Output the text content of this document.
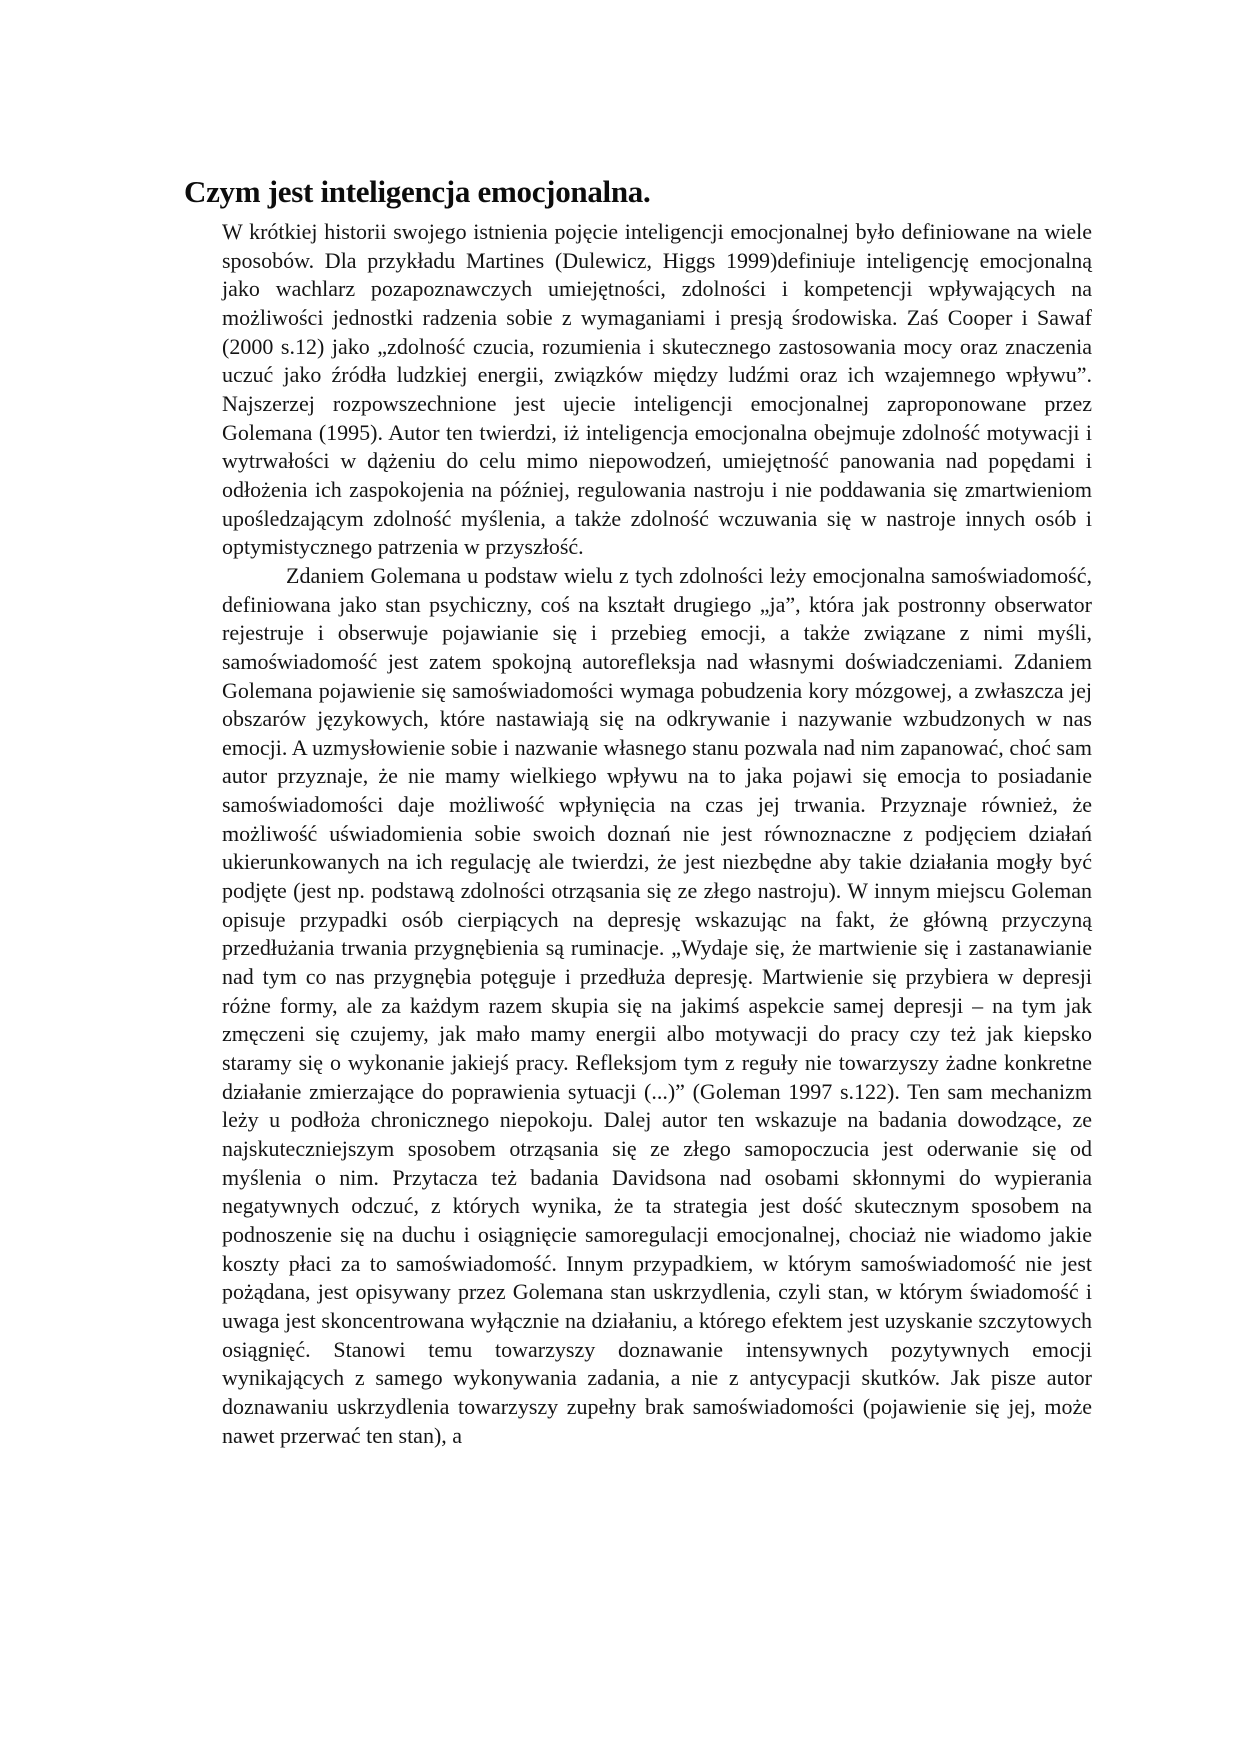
Czym jest inteligencja emocjonalna.

W krótkiej historii swojego istnienia pojęcie inteligencji emocjonalnej było definiowane na wiele sposobów. Dla przykładu Martines (Dulewicz, Higgs 1999)definiuje inteligencję emocjonalną jako wachlarz pozapoznawczych umiejętności, zdolności i kompetencji wpływających na możliwości jednostki radzenia sobie z wymaganiami i presją środowiska. Zaś Cooper i Sawaf (2000 s.12) jako „zdolność czucia, rozumienia i skutecznego zastosowania mocy oraz znaczenia uczuć jako źródła ludzkiej energii, związków między ludźmi oraz ich wzajemnego wpływu”. Najszerzej rozpowszechnione jest ujecie inteligencji emocjonalnej zaproponowane przez Golemana (1995). Autor ten twierdzi, iż inteligencja emocjonalna obejmuje zdolność motywacji i wytrwałości w dążeniu do celu mimo niepowodzeń, umiejętność panowania nad popędami i odłożenia ich zaspokojenia na później, regulowania nastroju i nie poddawania się zmartwieniom upośledzającym zdolność myślenia, a także zdolność wczuwania się w nastroje innych osób i optymistycznego patrzenia w przyszłość.

Zdaniem Golemana u podstaw wielu z tych zdolności leży emocjonalna samoświadomość, definiowana jako stan psychiczny, coś na kształt drugiego „ja”, która jak postronny obserwator rejestruje i obserwuje pojawianie się i przebieg emocji, a także związane z nimi myśli, samoświadomość jest zatem spokojną autorefleksja nad własnymi doświadczeniami. Zdaniem Golemana pojawienie się samoświadomości wymaga pobudzenia kory mózgowej, a zwłaszcza jej obszarów językowych, które nastawiają się na odkrywanie i nazywanie wzbudzonych w nas emocji. A uzmysłowienie sobie i nazwanie własnego stanu pozwala nad nim zapanować, choć sam autor przyznaje, że nie mamy wielkiego wpływu na to jaka pojawi się emocja to posiadanie samoświadomości daje możliwość wpłynięcia na czas jej trwania. Przyznaje również, że możliwość uświadomienia sobie swoich doznań nie jest równoznaczne z podjęciem działań ukierunkowanych na ich regulację ale twierdzi, że jest niezbędne aby takie działania mogły być podjęte (jest np. podstawą zdolności otrząsania się ze złego nastroju). W innym miejscu Goleman opisuje przypadki osób cierpiących na depresję wskazując na fakt, że główną przyczyną przedłużania trwania przygnębienia są ruminacje. „Wydaje się, że martwienie się i zastanawianie nad tym co nas przygnębia potęguje i przedłuża depresję. Martwienie się przybiera w depresji różne formy, ale za każdym razem skupia się na jakimś aspekcie samej depresji – na tym jak zmęczeni się czujemy, jak mało mamy energii albo motywacji do pracy czy też jak kiepsko staramy się o wykonanie jakiejś pracy. Refleksjom tym z reguły nie towarzyszy żadne konkretne działanie zmierzające do poprawienia sytuacji (...)” (Goleman 1997 s.122). Ten sam mechanizm leży u podłoża chronicznego niepokoju. Dalej autor ten wskazuje na badania dowodzące, ze najskuteczniejszym sposobem otrząsania się ze złego samopoczucia jest oderwanie się od myślenia o nim. Przytacza też badania Davidsona nad osobami skłonnymi do wypierania negatywnych odczuć, z których wynika, że ta strategia jest dość skutecznym sposobem na podnoszenie się na duchu i osiągnięcie samoregulacji emocjonalnej, chociaż nie wiadomo jakie koszty płaci za to samoświadomość. Innym przypadkiem, w którym samoświadomość nie jest pożądana, jest opisywany przez Golemana stan uskrzydlenia, czyli stan, w którym świadomość i uwaga jest skoncentrowana wyłącznie na działaniu, a którego efektem jest uzyskanie szczytowych osiągnięć. Stanowi temu towarzyszy doznawanie intensywnych pozytywnych emocji wynikających z samego wykonywania zadania, a nie z antycypacji skutków. Jak pisze autor doznawaniu uskrzydlenia towarzyszy zupełny brak samoświadomości (pojawienie się jej, może nawet przerwać ten stan), a
